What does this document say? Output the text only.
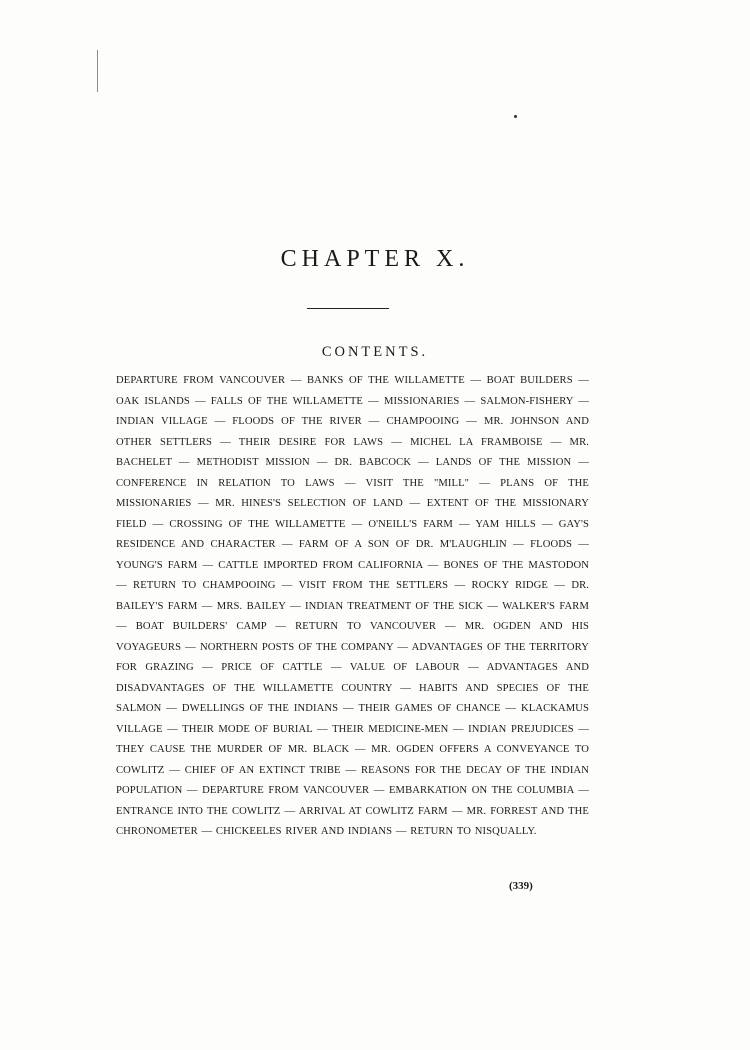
CHAPTER X.
CONTENTS.

DEPARTURE FROM VANCOUVER — BANKS OF THE WILLAMETTE — BOAT BUILDERS — OAK ISLANDS — FALLS OF THE WILLAMETTE — MISSIONARIES — SALMON-FISHERY — INDIAN VILLAGE — FLOODS OF THE RIVER — CHAMPOOING — MR. JOHNSON AND OTHER SETTLERS — THEIR DESIRE FOR LAWS — MICHEL LA FRAMBOISE — MR. BACHELET — METHODIST MISSION — DR. BABCOCK — LANDS OF THE MISSION — CONFERENCE IN RELATION TO LAWS — VISIT THE "MILL" — PLANS OF THE MISSIONARIES — MR. HINES'S SELECTION OF LAND — EXTENT OF THE MISSIONARY FIELD — CROSSING OF THE WILLAMETTE — O'NEILL'S FARM — YAM HILLS — GAY'S RESIDENCE AND CHARACTER — FARM OF A SON OF DR. M'LAUGHLIN — FLOODS — YOUNG'S FARM — CATTLE IMPORTED FROM CALIFORNIA — BONES OF THE MASTODON — RETURN TO CHAMPOOING — VISIT FROM THE SETTLERS — ROCKY RIDGE — DR. BAILEY'S FARM — MRS. BAILEY — INDIAN TREATMENT OF THE SICK — WALKER'S FARM — BOAT BUILDERS' CAMP — RETURN TO VANCOUVER — MR. OGDEN AND HIS VOYAGEURS — NORTHERN POSTS OF THE COMPANY — ADVANTAGES OF THE TERRITORY FOR GRAZING — PRICE OF CATTLE — VALUE OF LABOUR — ADVANTAGES AND DISADVANTAGES OF THE WILLAMETTE COUNTRY — HABITS AND SPECIES OF THE SALMON — DWELLINGS OF THE INDIANS — THEIR GAMES OF CHANCE — KLACKAMUS VILLAGE — THEIR MODE OF BURIAL — THEIR MEDICINE-MEN — INDIAN PREJUDICES — THEY CAUSE THE MURDER OF MR. BLACK — MR. OGDEN OFFERS A CONVEYANCE TO COWLITZ — CHIEF OF AN EXTINCT TRIBE — REASONS FOR THE DECAY OF THE INDIAN POPULATION — DEPARTURE FROM VANCOUVER — EMBARKATION ON THE COLUMBIA — ENTRANCE INTO THE COWLITZ — ARRIVAL AT COWLITZ FARM — MR. FORREST AND THE CHRONOMETER — CHICKEELES RIVER AND INDIANS — RETURN TO NISQUALLY.

(339)
